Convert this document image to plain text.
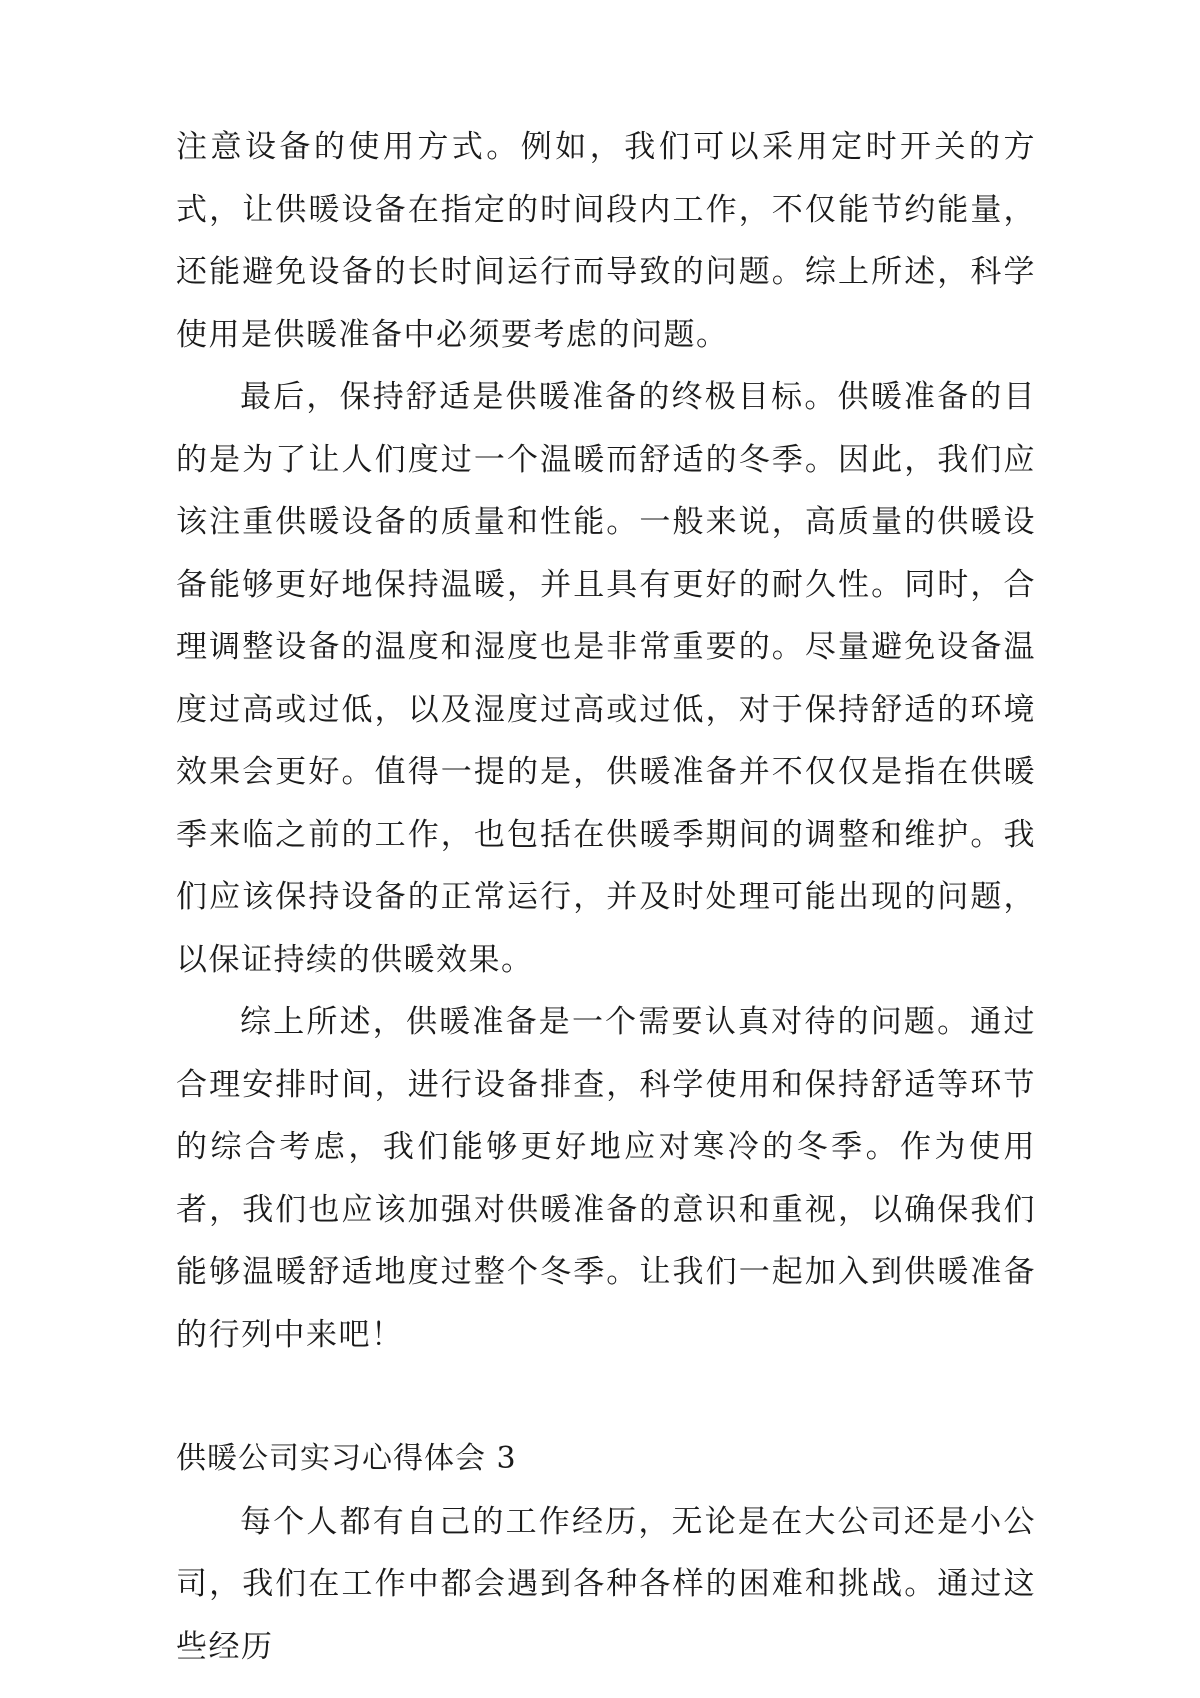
注意设备的使用方式。例如，我们可以采用定时开关的方式，让供暖设备在指定的时间段内工作，不仅能节约能量，还能避免设备的长时间运行而导致的问题。综上所述，科学使用是供暖准备中必须要考虑的问题。

最后，保持舒适是供暖准备的终极目标。供暖准备的目的是为了让人们度过一个温暖而舒适的冬季。因此，我们应该注重供暖设备的质量和性能。一般来说，高质量的供暖设备能够更好地保持温暖，并且具有更好的耐久性。同时，合理调整设备的温度和湿度也是非常重要的。尽量避免设备温度过高或过低，以及湿度过高或过低，对于保持舒适的环境效果会更好。值得一提的是，供暖准备并不仅仅是指在供暖季来临之前的工作，也包括在供暖季期间的调整和维护。我们应该保持设备的正常运行，并及时处理可能出现的问题，以保证持续的供暖效果。

综上所述，供暖准备是一个需要认真对待的问题。通过合理安排时间，进行设备排查，科学使用和保持舒适等环节的综合考虑，我们能够更好地应对寒冷的冬季。作为使用者，我们也应该加强对供暖准备的意识和重视，以确保我们能够温暖舒适地度过整个冬季。让我们一起加入到供暖准备的行列中来吧！

供暖公司实习心得体会 3

每个人都有自己的工作经历，无论是在大公司还是小公司，我们在工作中都会遇到各种各样的困难和挑战。通过这些经历
